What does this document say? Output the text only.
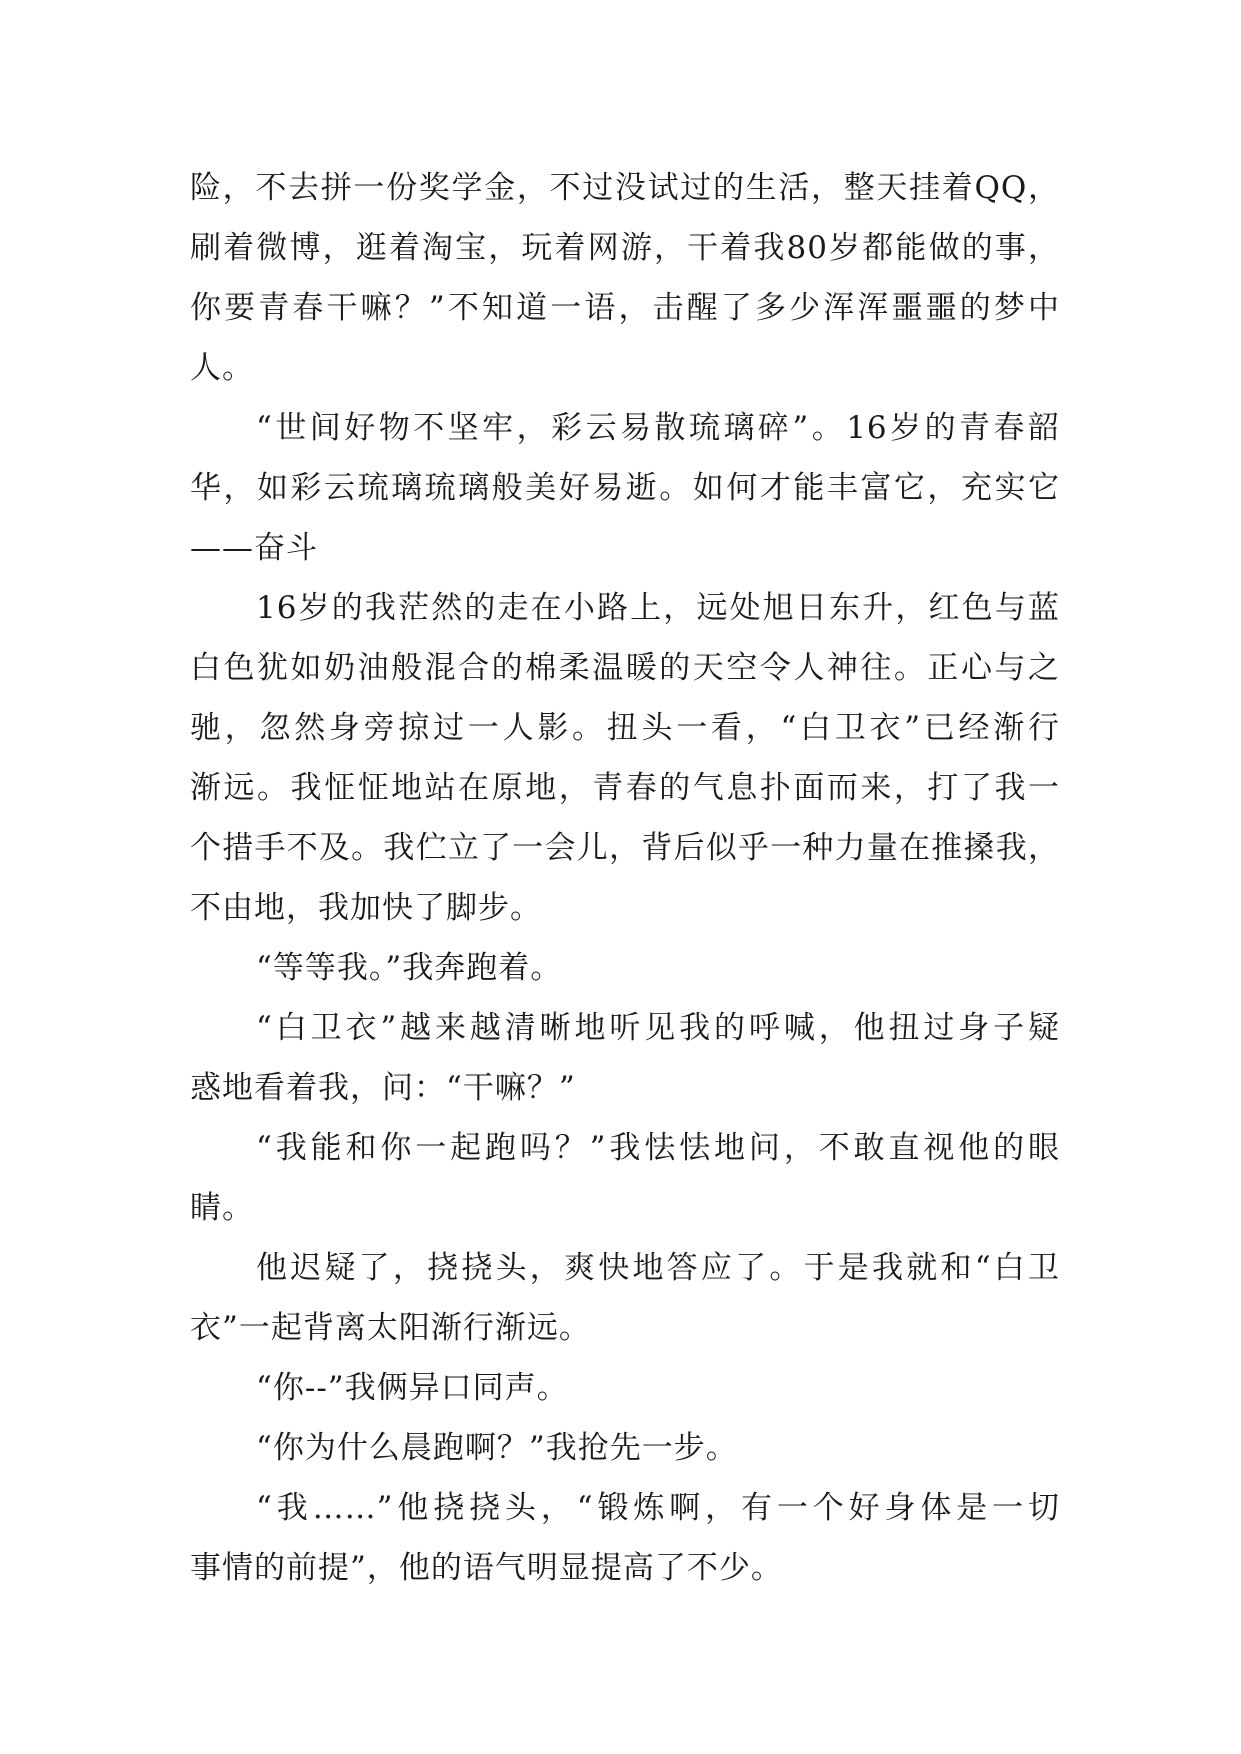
险，不去拼一份奖学金，不过没试过的生活，整天挂着QQ，
刷着微博，逛着淘宝，玩着网游，干着我80岁都能做的事，
你要青春干嘛？”不知道一语，击醒了多少浑浑噩噩的梦中
人。
“世间好物不坚牢，彩云易散琉璃碎”。16岁的青春韶
华，如彩云琉璃琉璃般美好易逝。如何才能丰富它，充实它
——奋斗
16岁的我茫然的走在小路上，远处旭日东升，红色与蓝
白色犹如奶油般混合的棉柔温暖的天空令人神往。正心与之
驰，忽然身旁掠过一人影。扭头一看，“白卫衣”已经渐行
渐远。我怔怔地站在原地，青春的气息扑面而来，打了我一
个措手不及。我伫立了一会儿，背后似乎一种力量在推搡我，
不由地，我加快了脚步。
“等等我。”我奔跑着。
“白卫衣”越来越清晰地听见我的呼喊，他扭过身子疑
惑地看着我，问：“干嘛？”
“我能和你一起跑吗？”我怯怯地问，不敢直视他的眼
睛。
他迟疑了，挠挠头，爽快地答应了。于是我就和“白卫
衣”一起背离太阳渐行渐远。
“你--”我俩异口同声。
“你为什么晨跑啊？”我抢先一步。
“我……”他挠挠头，“锻炼啊，有一个好身体是一切
事情的前提”，他的语气明显提高了不少。
